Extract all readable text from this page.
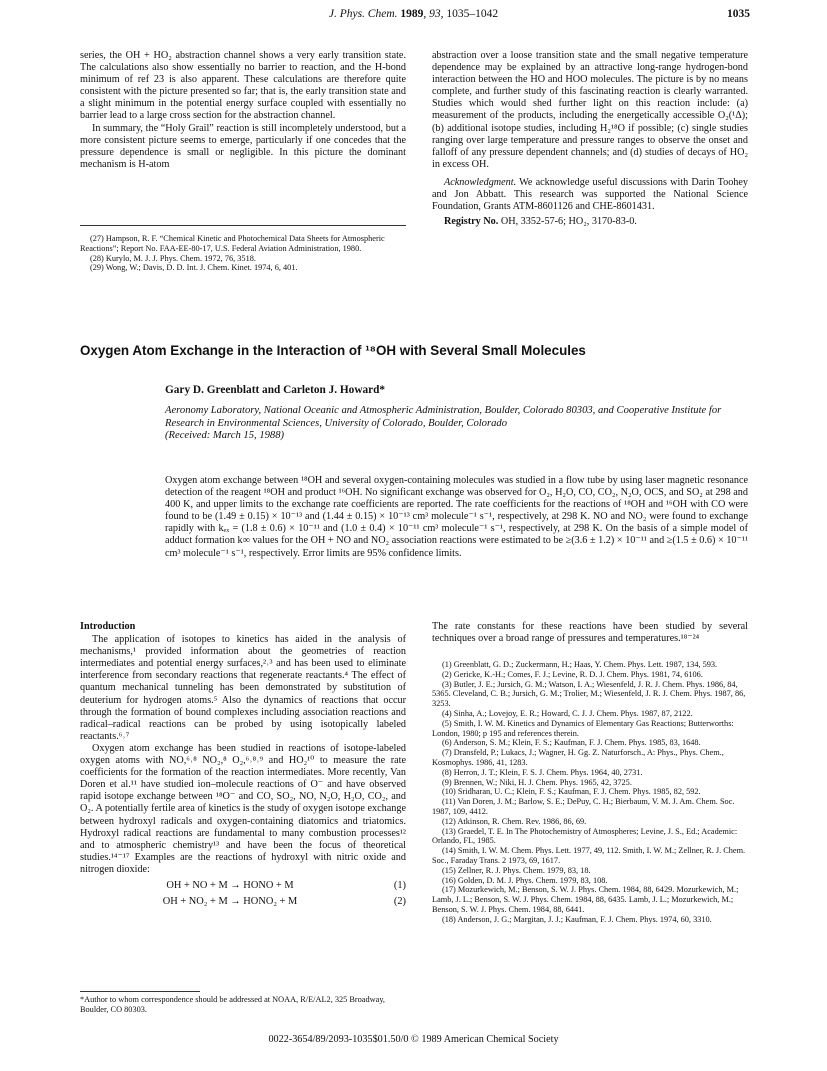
J. Phys. Chem. 1989, 93, 1035–1042	1035

series, the OH + HO₂ abstraction channel shows a very early transition state. The calculations also show essentially no barrier to reaction, and the H-bond minimum of ref 23 is also apparent. These calculations are therefore quite consistent with the picture presented so far; that is, the early transition state and a slight minimum in the potential energy surface coupled with essentially no barrier lead to a large cross section for the abstraction channel.

In summary, the “Holy Grail” reaction is still incompletely understood, but a more consistent picture seems to emerge, particularly if one concedes that the pressure dependence is small or negligible. In this picture the dominant mechanism is H-atom

(27) Hampson, R. F. “Chemical Kinetic and Photochemical Data Sheets for Atmospheric Reactions”; Report No. FAA-EE-80-17, U.S. Federal Aviation Administration, 1980.

(28) Kurylo, M. J. J. Phys. Chem. 1972, 76, 3518.

(29) Wong, W.; Davis, D. D. Int. J. Chem. Kinet. 1974, 6, 401.

abstraction over a loose transition state and the small negative temperature dependence may be explained by an attractive long-range hydrogen-bond interaction between the HO and HOO molecules. The picture is by no means complete, and further study of this fascinating reaction is clearly warranted. Studies which would shed further light on this reaction include: (a) measurement of the products, including the energetically accessible O₂(¹Δ); (b) additional isotope studies, including H₂¹⁸O if possible; (c) single studies ranging over large temperature and pressure ranges to observe the onset and falloff of any pressure dependent channels; and (d) studies of decays of HO₂ in excess OH.

Acknowledgment. We acknowledge useful discussions with Darin Toohey and Jon Abbatt. This research was supported the National Science Foundation, Grants ATM-8601126 and CHE-8601431.

Registry No. OH, 3352-57-6; HO₂, 3170-83-0.

Oxygen Atom Exchange in the Interaction of ¹⁸OH with Several Small Molecules
Gary D. Greenblatt and Carleton J. Howard*
Aeronomy Laboratory, National Oceanic and Atmospheric Administration, Boulder, Colorado 80303, and Cooperative Institute for Research in Environmental Sciences, University of Colorado, Boulder, Colorado
(Received: March 15, 1988)
Oxygen atom exchange between ¹⁸OH and several oxygen-containing molecules was studied in a flow tube by using laser magnetic resonance detection of the reagent ¹⁸OH and product ¹⁶OH. No significant exchange was observed for O₂, H₂O, CO, CO₂, N₂O, OCS, and SO₂ at 298 and 400 K, and upper limits to the exchange rate coefficients are reported. The rate coefficients for the reactions of ¹⁸OH and ¹⁶OH with CO were found to be (1.49 ± 0.15) × 10⁻¹³ and (1.44 ± 0.15) × 10⁻¹³ cm³ molecule⁻¹ s⁻¹, respectively, at 298 K. NO and NO₂ were found to exchange rapidly with kₑₓ = (1.8 ± 0.6) × 10⁻¹¹ and (1.0 ± 0.4) × 10⁻¹¹ cm³ molecule⁻¹ s⁻¹, respectively, at 298 K. On the basis of a simple model of adduct formation k∞ values for the OH + NO and NO₂ association reactions were estimated to be ≥(3.6 ± 1.2) × 10⁻¹¹ and ≥(1.5 ± 0.6) × 10⁻¹¹ cm³ molecule⁻¹ s⁻¹, respectively. Error limits are 95% confidence limits.
Introduction

The application of isotopes to kinetics has aided in the analysis of mechanisms,¹ provided information about the geometries of reaction intermediates and potential energy surfaces,²˒³ and has been used to eliminate interference from secondary reactions that regenerate reactants.⁴ The effect of quantum mechanical tunneling has been demonstrated by substitution of deuterium for hydrogen atoms.⁵ Also the dynamics of reactions that occur through the formation of bound complexes including association reactions and radical–radical reactions can be probed by using isotopically labeled reactants.⁶˒⁷

Oxygen atom exchange has been studied in reactions of isotope-labeled oxygen atoms with NO,⁶˒⁸ NO₂,⁸ O₂,⁶˒⁸˒⁹ and HO₂¹⁰ to measure the rate coefficients for the formation of the reaction intermediates. More recently, Van Doren et al.¹¹ have studied ion–molecule reactions of O⁻ and have observed rapid isotope exchange between ¹⁸O⁻ and CO, SO₂, NO, N₂O, H₂O, CO₂, and O₂. A potentially fertile area of kinetics is the study of oxygen isotope exchange between hydroxyl radicals and oxygen-containing diatomics and triatomics. Hydroxyl radical reactions are fundamental to many combustion processes¹² and to atmospheric chemistry¹³ and have been the focus of theoretical studies.¹⁴⁻¹⁷ Examples are the reactions of hydroxyl with nitric oxide and nitrogen dioxide:

OH + NO + M → HONO + M	(1)
OH + NO₂ + M → HONO₂ + M	(2)
*Author to whom correspondence should be addressed at NOAA, R/E/AL2, 325 Broadway, Boulder, CO 80303.

The rate constants for these reactions have been studied by several techniques over a broad range of pressures and temperatures.¹⁸⁻²⁴

(1) Greenblatt, G. D.; Zuckermann, H.; Haas, Y. Chem. Phys. Lett. 1987, 134, 593.

(2) Gericke, K.-H.; Comes, F. J.; Levine, R. D. J. Chem. Phys. 1981, 74, 6106.

(3) Butler, J. E.; Jursich, G. M.; Watson, I. A.; Wiesenfeld, J. R. J. Chem. Phys. 1986, 84, 5365. Cleveland, C. B.; Jursich, G. M.; Trolier, M.; Wiesenfeld, J. R. J. Chem. Phys. 1987, 86, 3253.

(4) Sinha, A.; Lovejoy, E. R.; Howard, C. J. J. Chem. Phys. 1987, 87, 2122.

(5) Smith, I. W. M. Kinetics and Dynamics of Elementary Gas Reactions; Butterworths: London, 1980; p 195 and references therein.

(6) Anderson, S. M.; Klein, F. S.; Kaufman, F. J. Chem. Phys. 1985, 83, 1648.

(7) Dransfeld, P.; Lukacs, J.; Wagner, H. Gg. Z. Naturforsch., A: Phys., Phys. Chem., Kosmophys. 1986, 41, 1283.

(8) Herron, J. T.; Klein, F. S. J. Chem. Phys. 1964, 40, 2731.

(9) Brennen, W.; Niki, H. J. Chem. Phys. 1965, 42, 3725.

(10) Sridharan, U. C.; Klein, F. S.; Kaufman, F. J. Chem. Phys. 1985, 82, 592.

(11) Van Doren, J. M.; Barlow, S. E.; DePuy, C. H.; Bierbaum, V. M. J. Am. Chem. Soc. 1987, 109, 4412.

(12) Atkinson, R. Chem. Rev. 1986, 86, 69.

(13) Graedel, T. E. In The Photochemistry of Atmospheres; Levine, J. S., Ed.; Academic: Orlando, FL, 1985.

(14) Smith, I. W. M. Chem. Phys. Lett. 1977, 49, 112. Smith, I. W. M.; Zellner, R. J. Chem. Soc., Faraday Trans. 2 1973, 69, 1617.

(15) Zellner, R. J. Phys. Chem. 1979, 83, 18.

(16) Golden, D. M. J. Phys. Chem. 1979, 83, 108.

(17) Mozurkewich, M.; Benson, S. W. J. Phys. Chem. 1984, 88, 6429. Mozurkewich, M.; Lamb, J. L.; Benson, S. W. J. Phys. Chem. 1984, 88, 6435. Lamb, J. L.; Mozurkewich, M.; Benson, S. W. J. Phys. Chem. 1984, 88, 6441.

(18) Anderson, J. G.; Margitan, J. J.; Kaufman, F. J. Chem. Phys. 1974, 60, 3310.

0022-3654/89/2093-1035$01.50/0 © 1989 American Chemical Society
